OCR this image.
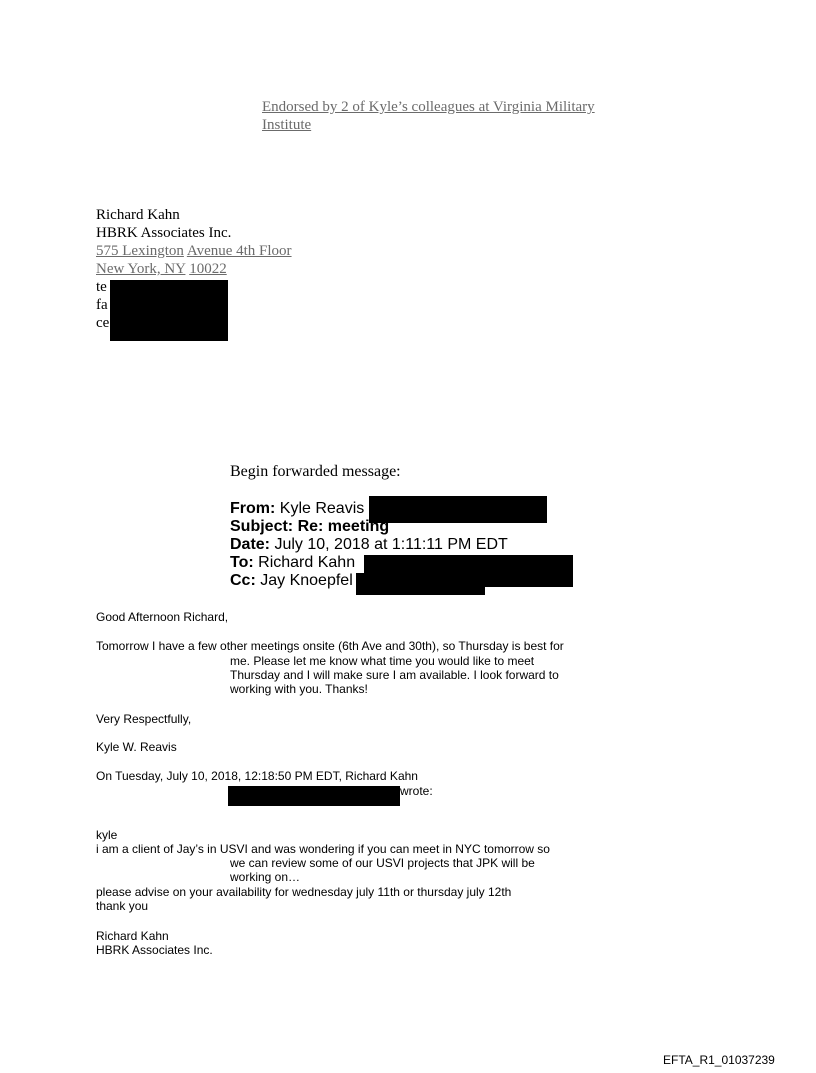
Endorsed by 2 of Kyle’s colleagues at Virginia Military
Institute
Richard Kahn
HBRK Associates Inc.
575 Lexington Avenue 4th Floor
New York, NY 10022
te
fa
ce
Begin forwarded message:
From: Kyle Reavis
Subject: Re: meeting
Date: July 10, 2018 at 1:11:11 PM EDT
To: Richard Kahn
Cc: Jay Knoepfel
Good Afternoon Richard,
Tomorrow I have a few other meetings onsite (6th Ave and 30th), so Thursday is best for
me. Please let me know what time you would like to meet
Thursday and I will make sure I am available. I look forward to
working with you. Thanks!
Very Respectfully,
Kyle W. Reavis
On Tuesday, July 10, 2018, 12:18:50 PM EDT, Richard Kahn
wrote:
kyle
i am a client of Jay’s in USVI and was wondering if you can meet in NYC tomorrow so
we can review some of our USVI projects that JPK will be
working on…
please advise on your availability for wednesday july 11th or thursday july 12th
thank you
Richard Kahn
HBRK Associates Inc.
EFTA_R1_01037239
